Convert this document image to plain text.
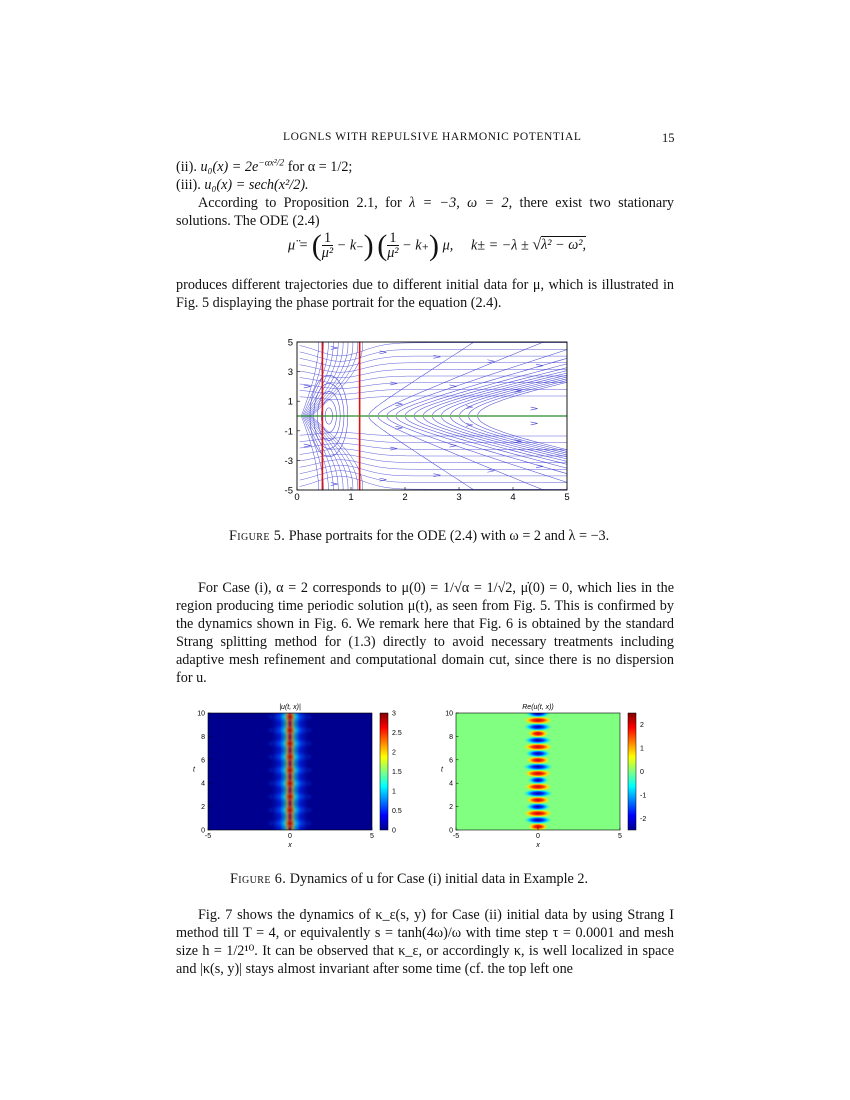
LOGNLS WITH REPULSIVE HARMONIC POTENTIAL	15

(ii). $u_0(x) = 2e^{-\alpha x^2/2}$ for α = 1/2;

(iii). u₀(x) = sech(x²/2).

According to Proposition 2.1, for λ = −3, ω = 2, there exist two stationary solutions. The ODE (2.4)

μ̈ = ( $\frac{1}{\text{μ²}} - k_-$) ( $\frac{1}{\text{μ²}} - k_+$) μ, k± = −λ ± √λ² − ω²,

produces different trajectories due to different initial data for μ, which is illustrated in Fig. 5 displaying the phase portrait for the equation (2.4).

0	1	2	3	4	5
5
3
1
-1
-3
-5
Figure 5. Phase portraits for the ODE (2.4) with ω = 2 and λ = −3.

For Case (i), α = 2 corresponds to μ(0) = 1/√α = 1/√2, μ̇(0) = 0, which lies in the region producing time periodic solution μ(t), as seen from Fig. 5. This is confirmed by the dynamics shown in Fig. 6. We remark here that Fig. 6 is obtained by the standard Strang splitting method for (1.3) directly to avoid necessary treatments including adaptive mesh refinement and computational domain cut, since there is no dispersion for u.

|u(t, x)|
-5	0	5
10
8
6
4
2
0
x
t
3
2.5
2
1.5
1
0.5
0
Re(u(t, x))
-5	0	5
10
8
6
4
2
0
x
t
2
1
0
-1
-2
Figure 6. Dynamics of u for Case (i) initial data in Example 2.

Fig. 7 shows the dynamics of κ_ε(s, y) for Case (ii) initial data by using Strang I method till T = 4, or equivalently s = tanh(4ω)/ω with time step τ = 0.0001 and mesh size h = 1/2¹⁰. It can be observed that κ_ε, or accordingly κ, is well localized in space and |κ(s, y)| stays almost invariant after some time (cf. the top left one
